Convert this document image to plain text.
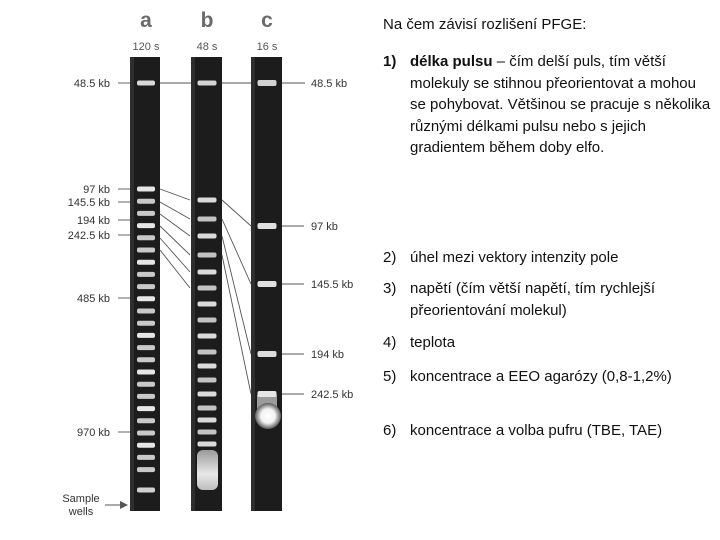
a b c
120 s	48 s	16 s
48.5 kb
97 kb
145.5 kb
194 kb
242.5 kb
485 kb
970 kb
Sample
wells
48.5 kb
97 kb
145.5 kb
194 kb
242.5 kb

Na čem závisí rozlišení PFGE:

1) délka pulsu – čím delší puls, tím větší molekuly se stihnou přeorientovat a mohou se pohybovat. Většinou se pracuje s několika různými délkami pulsu nebo s jejich gradientem během doby elfo.
2) úhel mezi vektory intenzity pole
3) napětí (čím větší napětí, tím rychlejší přeorientování molekul)
4) teplota
5) koncentrace a EEO agarózy (0,8-1,2%)
6) koncentrace a volba pufru (TBE, TAE)
